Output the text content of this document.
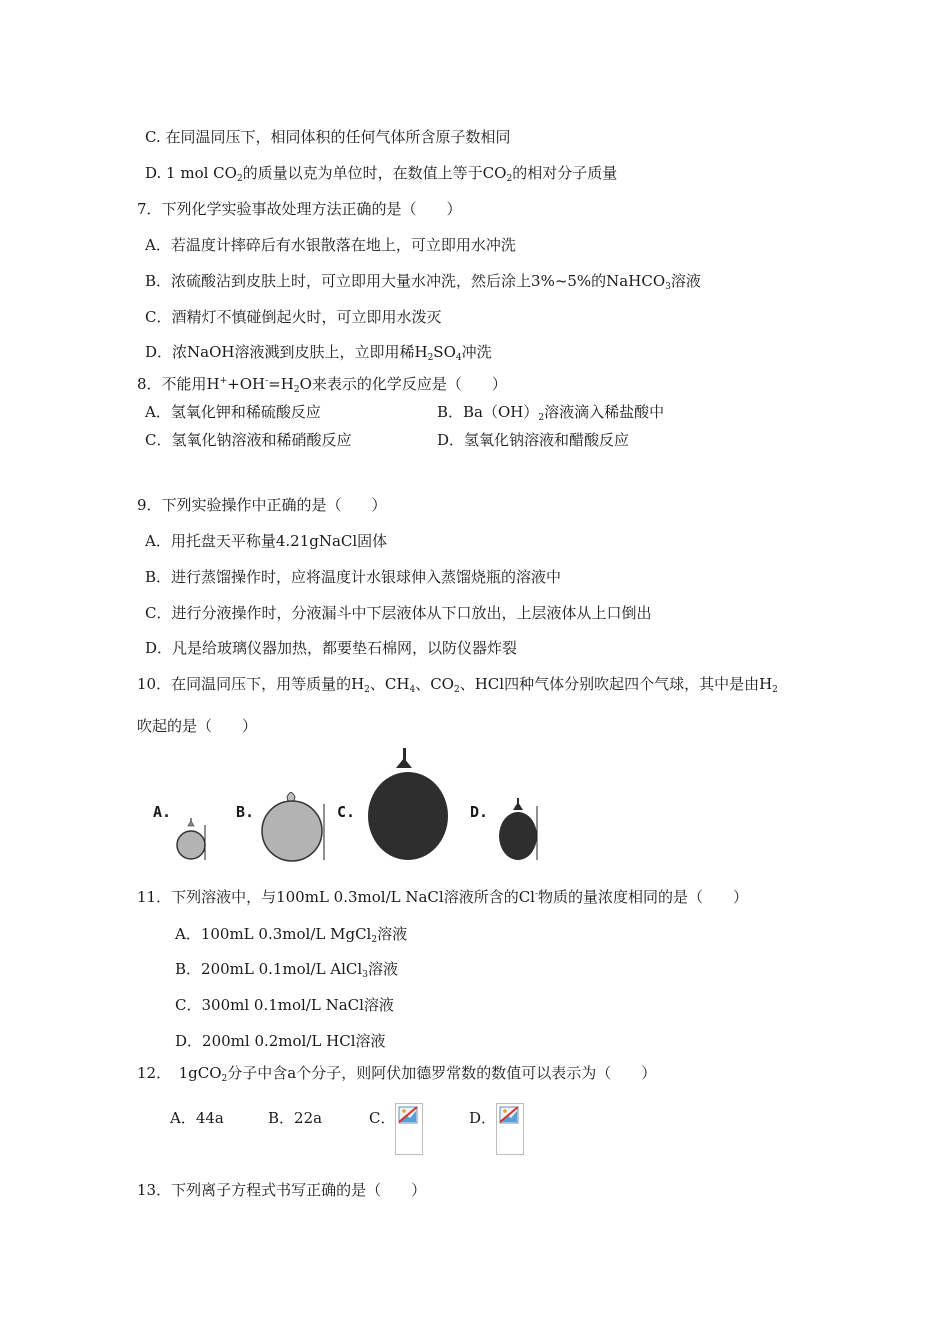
C. 在同温同压下，相同体积的任何气体所含原子数相同
D. 1 mol $CO_2$的质量以克为单位时，在数值上等于$CO_2$的相对分子质量
7．下列化学实验事故处理方法正确的是（　　）
A．若温度计摔碎后有水银散落在地上，可立即用水冲洗
B．浓硫酸沾到皮肤上时，可立即用大量水冲洗，然后涂上3%~5%的NaHCO$_3$溶液
C．酒精灯不慎碰倒起火时，可立即用水泼灭
D．浓NaOH溶液溅到皮肤上，立即用稀$H_2SO_4$冲洗
8．不能用$H^++OH^-=H_2O$来表示的化学反应是（　　）
A．氢氧化钾和稀硫酸反应	B．$Ba(OH)_2$溶液滴入稀盐酸中
C．氢氧化钠溶液和稀硝酸反应	D．氢氧化钠溶液和醋酸反应
9．下列实验操作中正确的是（　　）
A．用托盘天平称量4.21gNaCl固体
B．进行蒸馏操作时，应将温度计水银球伸入蒸馏烧瓶的溶液中
C．进行分液操作时，分液漏斗中下层液体从下口放出，上层液体从上口倒出
D．凡是给玻璃仪器加热，都要垫石棉网，以防仪器炸裂
10．在同温同压下，用等质量的$H_2$、$CH_4$、$CO_2$、HCl四种气体分别吹起四个气球，其中是由$H_2$
吹起的是（　　）
A.	B.	C.	D.
11．下列溶液中，与100mL 0.3mol/L NaCl溶液所含的Cl-物质的量浓度相同的是（　　）
A．100mL 0.3mol/L MgCl$_2$溶液
B．200mL 0.1mol/L AlCl$_3$溶液
C．300ml 0.1mol/L NaCl溶液
D．200ml 0.2mol/L HCl溶液
12．　1gCO$_2$分子中含a个分子，则阿伏加德罗常数的数值可以表示为（　　）
A．44a	B．22a	C．	D．
13．下列离子方程式书写正确的是（　　）
